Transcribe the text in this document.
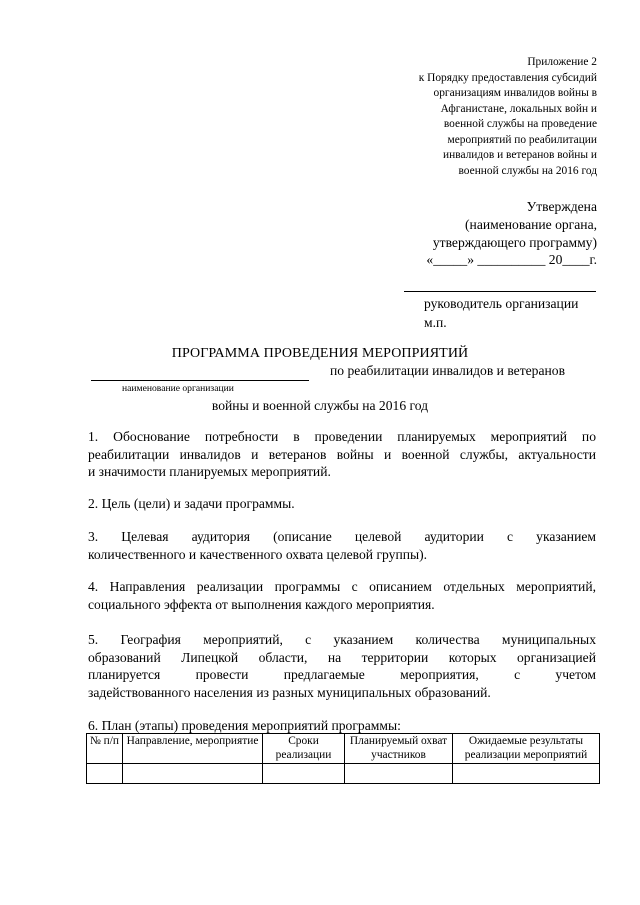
Приложение 2
к Порядку предоставления субсидий
организациям инвалидов войны в
Афганистане, локальных войн и
военной службы на проведение
мероприятий по реабилитации
инвалидов и ветеранов войны и
военной службы на 2016 год
Утверждена
(наименование органа,
утверждающего программу)
«_____» __________ 20____г.
руководитель организации
м.п.
ПРОГРАММА ПРОВЕДЕНИЯ МЕРОПРИЯТИЙ
по реабилитации инвалидов и ветеранов
наименование организации
войны и военной службы на 2016 год
1. Обоснование потребности в проведении планируемых мероприятий по
реабилитации инвалидов и ветеранов войны и военной службы, актуальности
и значимости планируемых мероприятий.
2. Цель (цели) и задачи программы.
3. Целевая аудитория (описание целевой аудитории с указанием
количественного и качественного охвата целевой группы).
4. Направления реализации программы с описанием отдельных мероприятий,
социального эффекта от выполнения каждого мероприятия.
5. География мероприятий, с указанием количества муниципальных
образований Липецкой области, на территории которых организацией
планируется провести предлагаемые мероприятия, с учетом
задействованного населения из разных муниципальных образований.
6. План (этапы) проведения мероприятий программы:
№ п/п	Направление, мероприятие	Сроки реализации	Планируемый охват участников	Ожидаемые результаты реализации мероприятий
